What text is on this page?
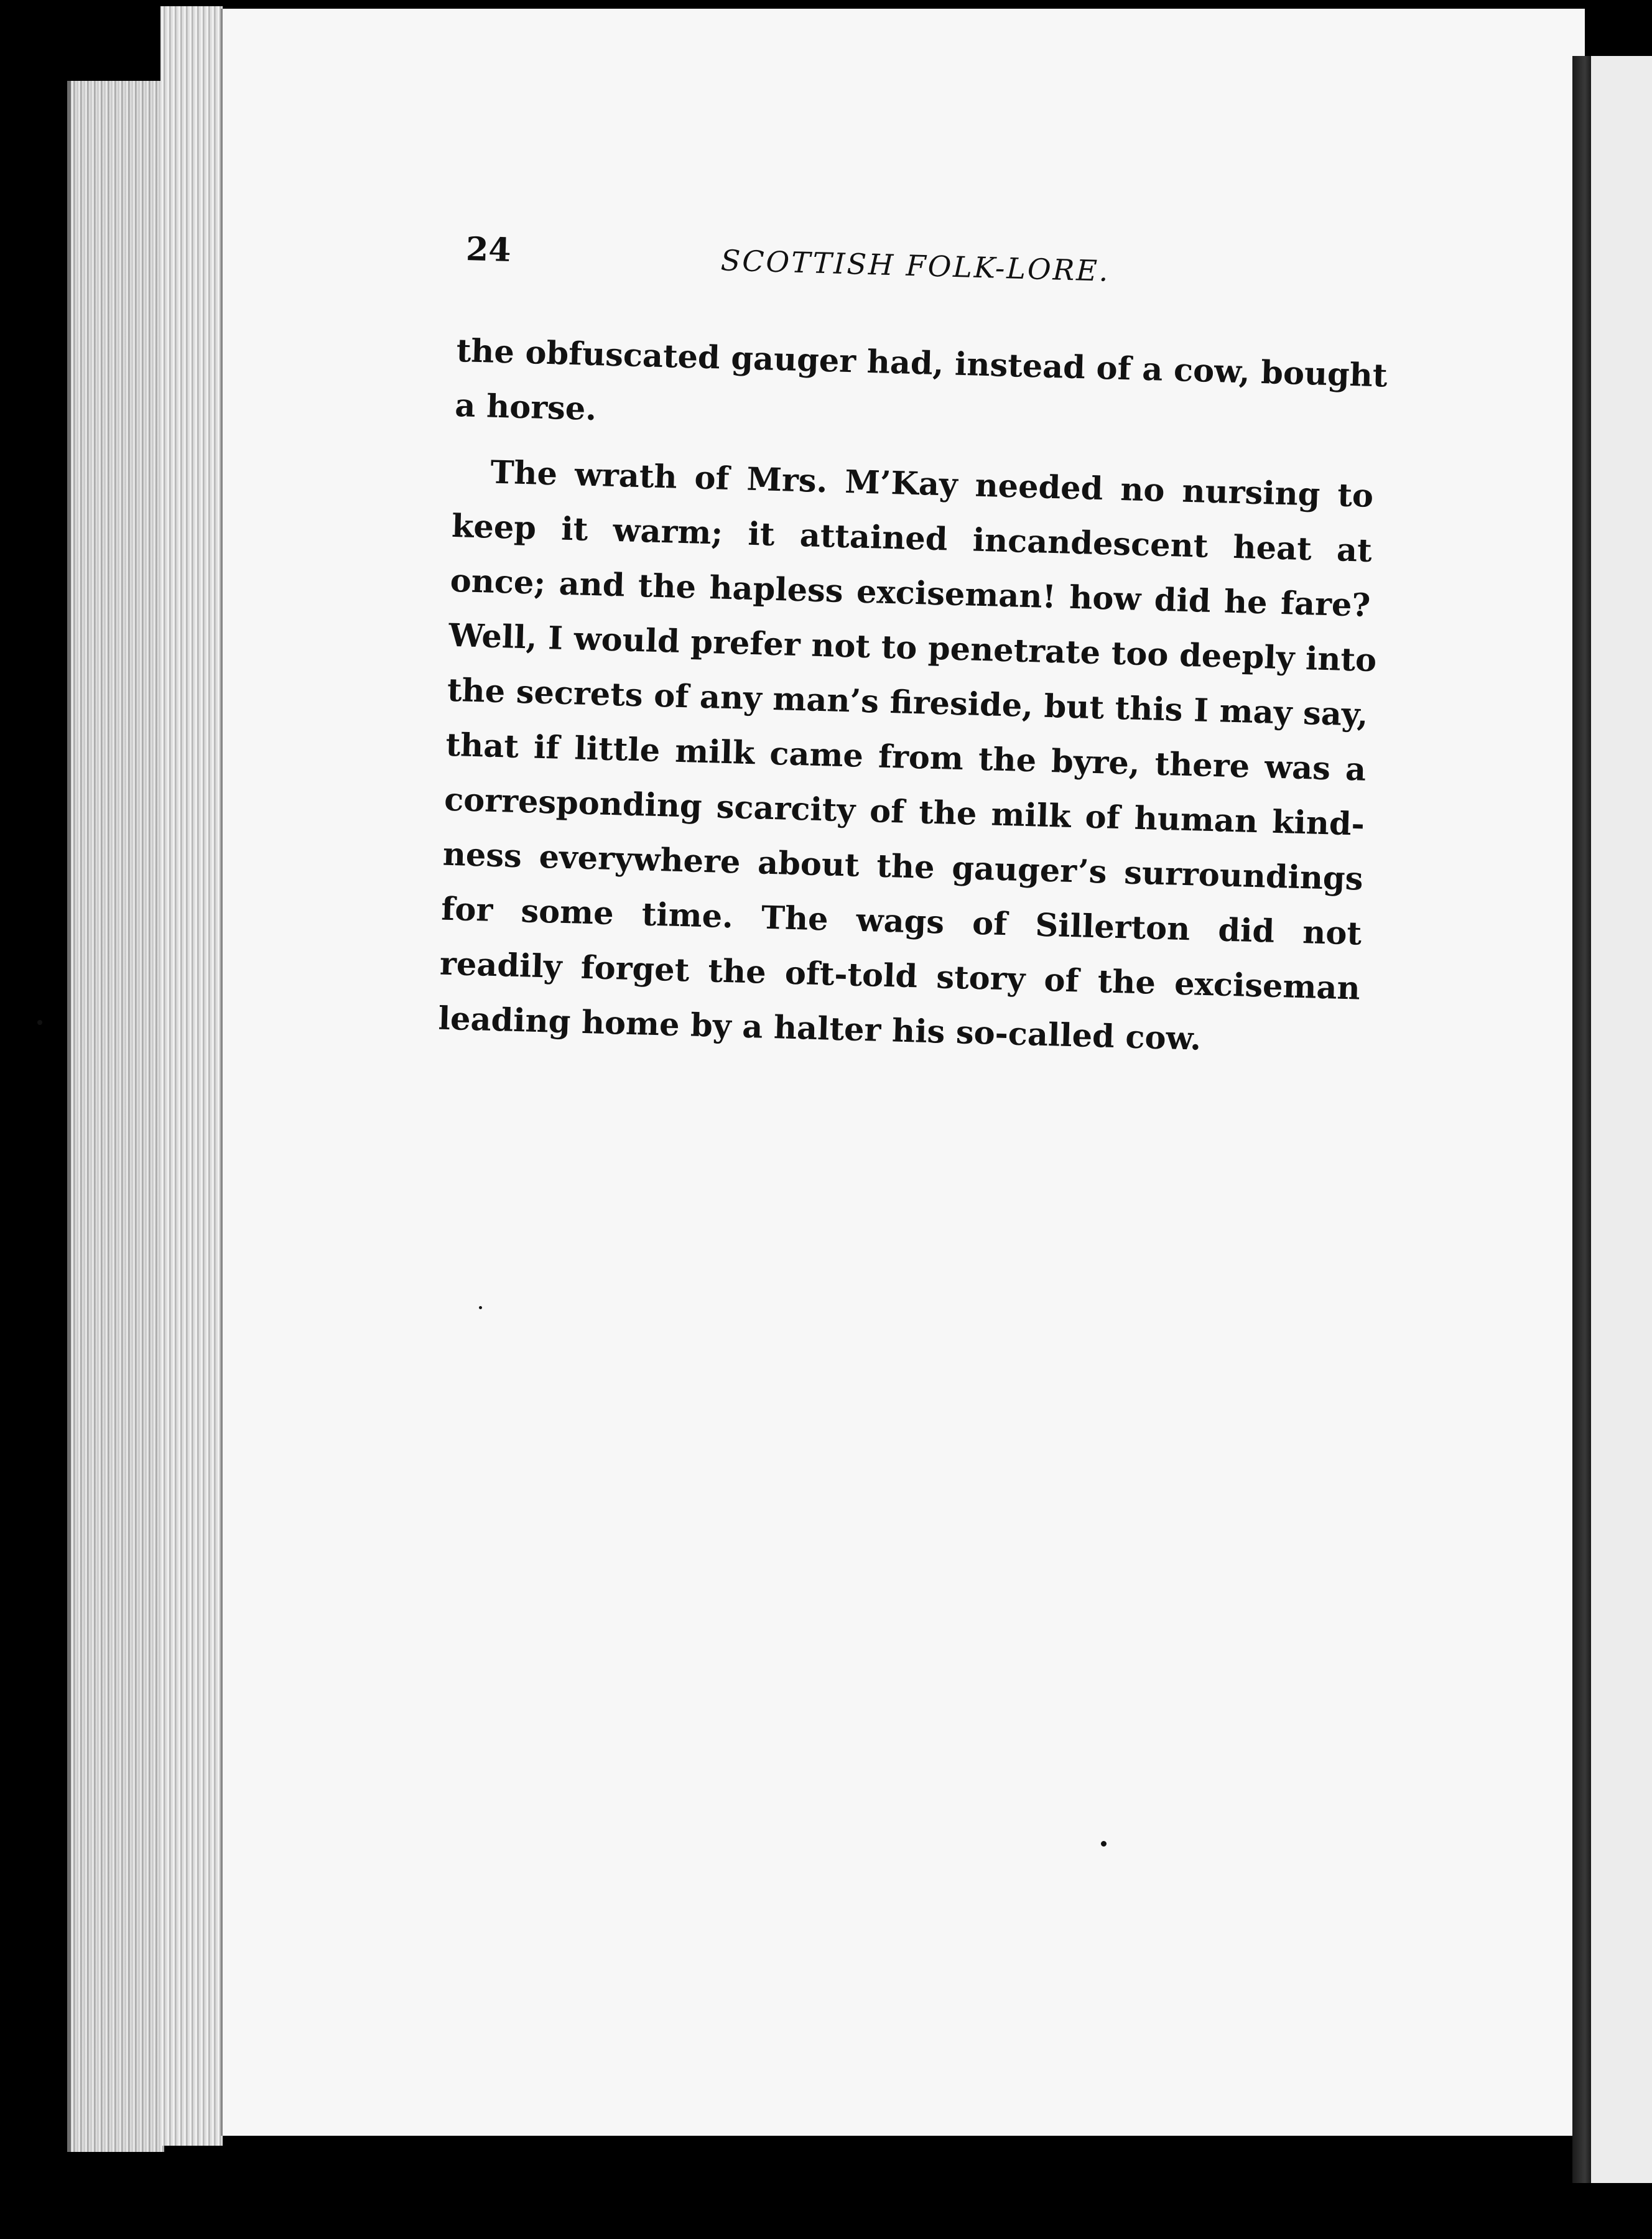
24	SCOTTISH FOLK-LORE.
the obfuscated gauger had, instead of a cow, bought
a horse.
The wrath of Mrs. M’Kay needed no nursing to
keep it warm; it attained incandescent heat at
once; and the hapless exciseman! how did he fare?
Well, I would prefer not to penetrate too deeply into
the secrets of any man’s fireside, but this I may say,
that if little milk came from the byre, there was a
corresponding scarcity of the milk of human kind-
ness everywhere about the gauger’s surroundings
for some time. The wags of Sillerton did not
readily forget the oft-told story of the exciseman
leading home by a halter his so-called cow.
